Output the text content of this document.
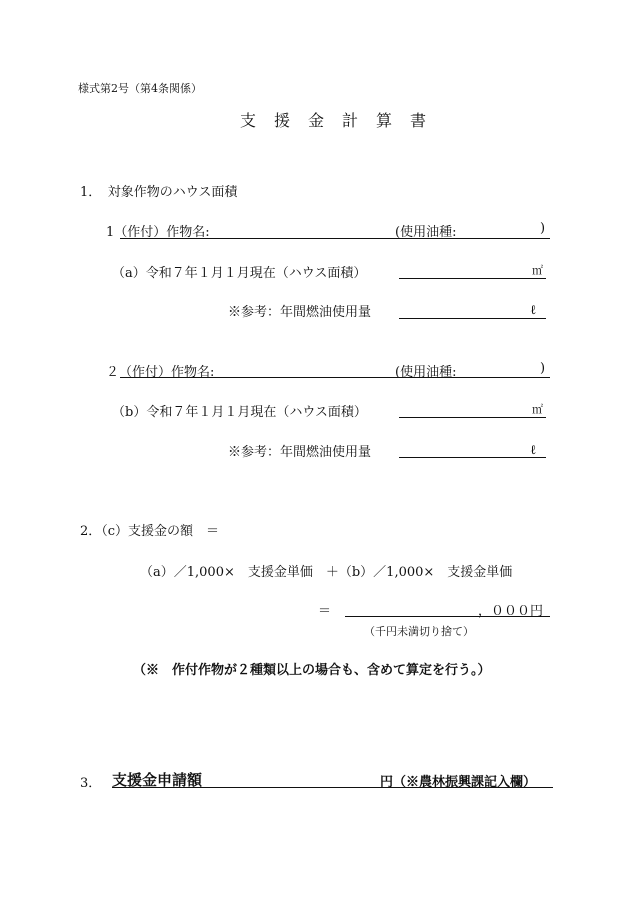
様式第2号（第4条関係）
支援金計算書
1．　対象作物のハウス面積
1（作付）作物名:	(使用油種:	)
（a）令和７年１月１月現在（ハウス面積）	㎡
※参考：年間燃油使用量	ℓ
２（作付）作物名:	(使用油種:	)
（b）令和７年１月１月現在（ハウス面積）	㎡
※参考：年間燃油使用量	ℓ
2．（c）支援金の額　＝
（a）／1,000×　支援金単価　＋（b）／1,000×　支援金単価
＝	，０００円
（千円未満切り捨て）
（※　作付作物が２種類以上の場合も、含めて算定を行う。）
3． 支援金申請額	円（※農林振興課記入欄）
